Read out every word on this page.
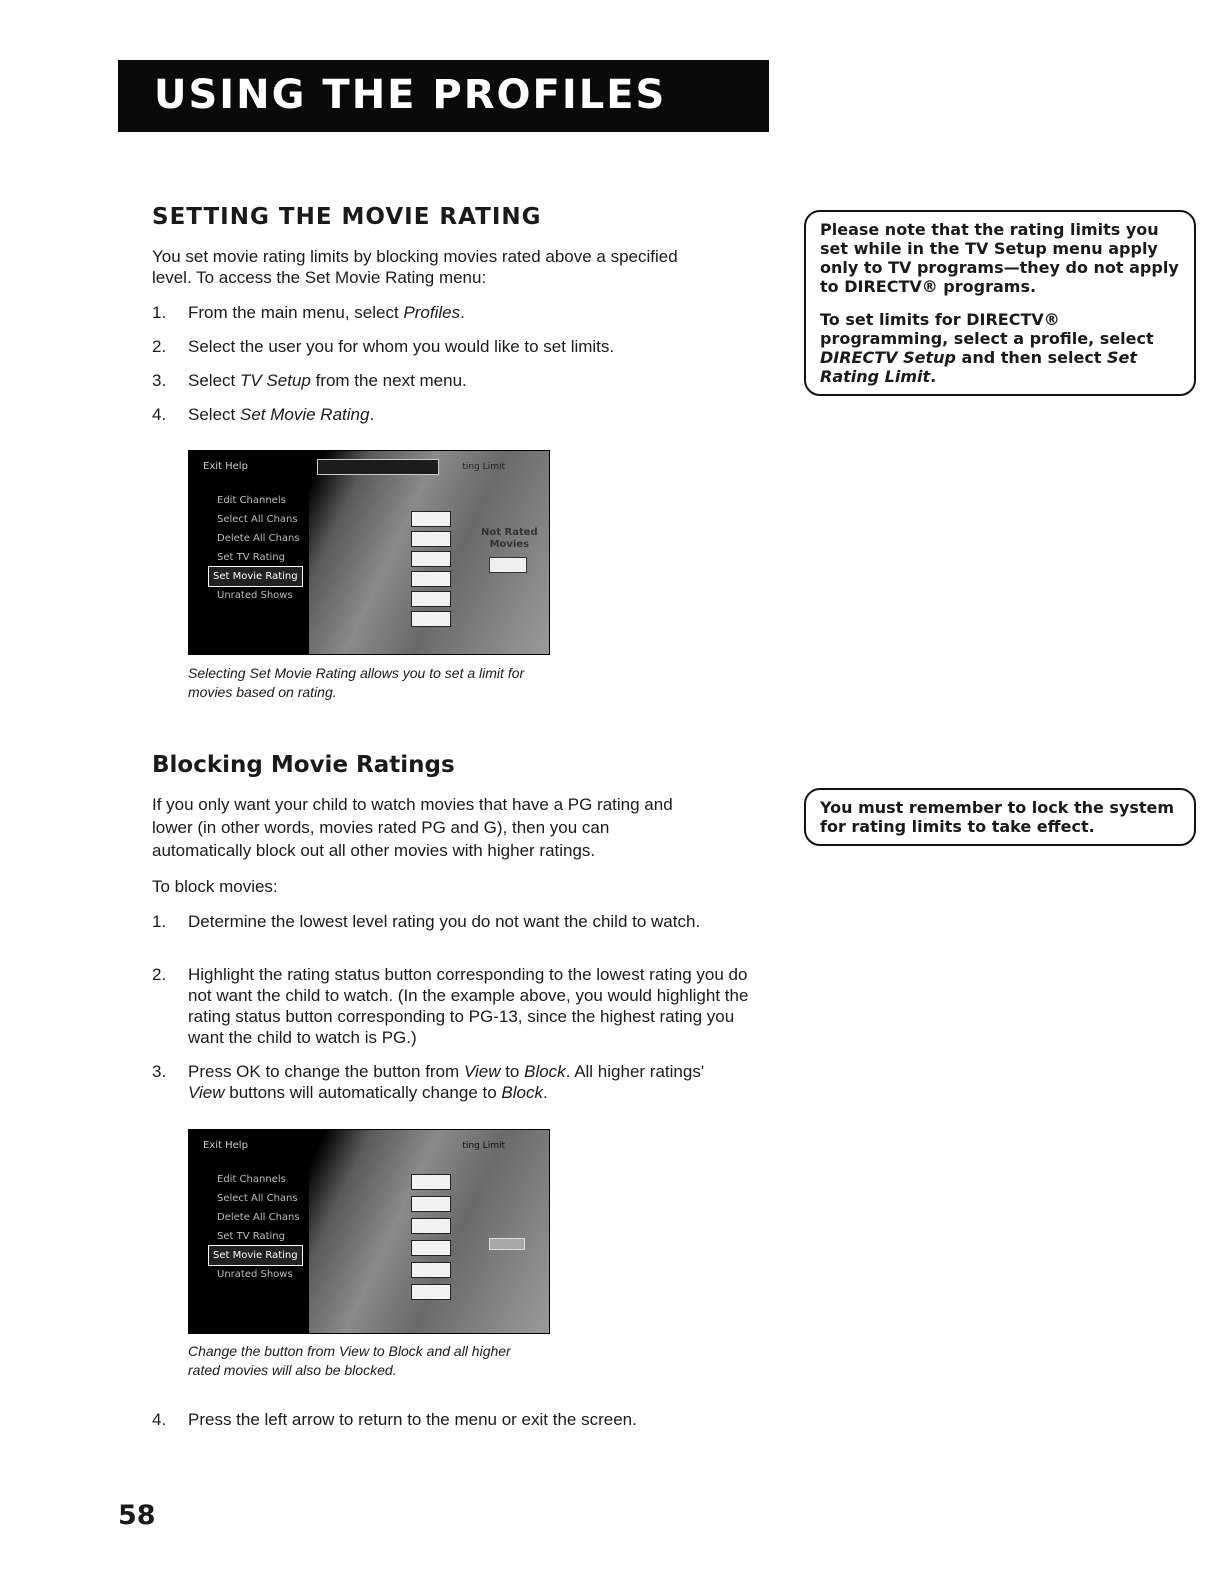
USING THE PROFILES
SETTING THE MOVIE RATING

You set movie rating limits by blocking movies rated above a specified

level. To access the Set Movie Rating menu:

1. From the main menu, select Profiles.
2. Select the user you for whom you would like to set limits.
3. Select TV Setup from the next menu.
4. Select Set Movie Rating.
Exit Help	ting Limit
Edit Channels
Select All Chans
Delete All Chans
Set TV Rating
Set Movie Rating
Unrated Shows
Not Rated
Movies

Selecting Set Movie Rating allows you to set a limit for

movies based on rating.

Please note that the rating limits you set while in the TV Setup menu apply only to TV programs—they do not apply to DIRECTV® programs.

To set limits for DIRECTV® programming, select a profile, select DIRECTV Setup and then select Set Rating Limit.

Blocking Movie Ratings

If you only want your child to watch movies that have a PG rating and

lower (in other words, movies rated PG and G), then you can

automatically block out all other movies with higher ratings.

To block movies:

1. Determine the lowest level rating you do not want the child to watch.
2. Highlight the rating status button corresponding to the lowest rating you do not want the child to watch. (In the example above, you would highlight the rating status button corresponding to PG-13, since the highest rating you want the child to watch is PG.)
3. Press OK to change the button from View to Block. All higher ratings' View buttons will automatically change to Block.
Exit Help	ting Limit
Edit Channels
Select All Chans
Delete All Chans
Set TV Rating
Set Movie Rating
Unrated Shows

Change the button from View to Block and all higher

rated movies will also be blocked.

4. Press the left arrow to return to the menu or exit the screen.

You must remember to lock the system for rating limits to take effect.

58
